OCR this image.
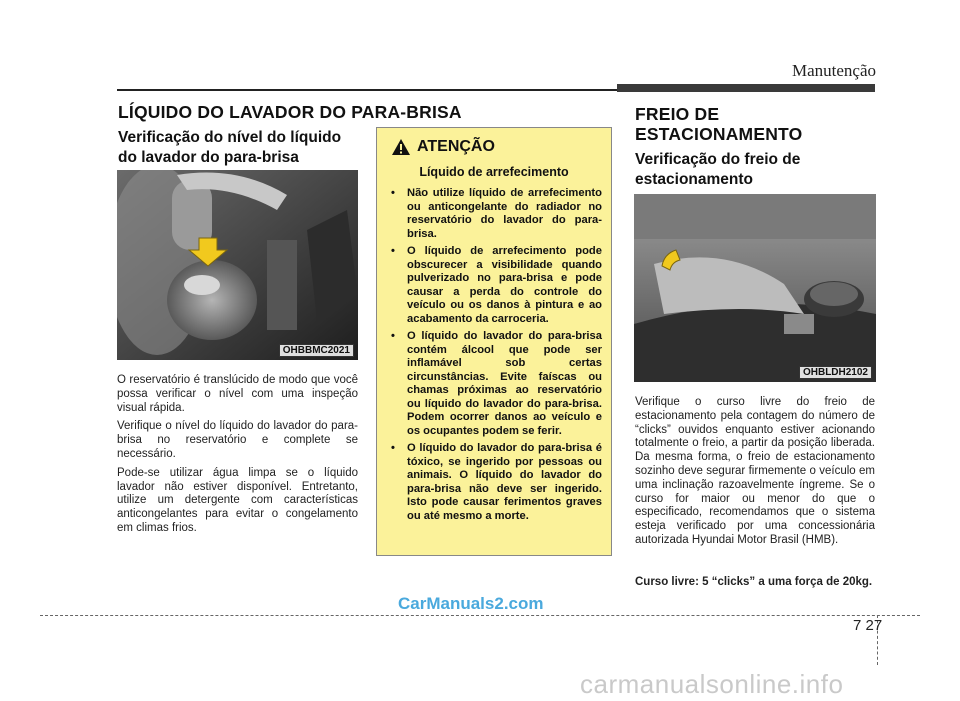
Manutenção
LÍQUIDO DO LAVADOR DO PARA-BRISA
Verificação do nível do líquido
do lavador do para-brisa
OHBBMC2021

O reservatório é translúcido de modo que você possa verificar o nível com uma inspeção visual rápida.

Verifique o nível do líquido do lavador do para-brisa no reservatório e complete se necessário.

Pode-se utilizar água limpa se o líquido lavador não estiver disponível. Entretanto, utilize um detergente com características anticongelantes para evitar o congelamento em climas frios.

ATENÇÃO
Líquido de arrefecimento
• Não utilize líquido de arrefecimento ou anticongelante do radiador no reservatório do lavador do para-brisa.
• O líquido de arrefecimento pode obscurecer a visibilidade quando pulverizado no para-brisa e pode causar a perda do controle do veículo ou os danos à pintura e ao acabamento da carroceria.
• O líquido do lavador do para-brisa contém álcool que pode ser inflamável sob certas circunstâncias. Evite faíscas ou chamas próximas ao reservatório ou líquido do lavador do para-brisa. Podem ocorrer danos ao veículo e os ocupantes podem se ferir.
• O líquido do lavador do para-brisa é tóxico, se ingerido por pessoas ou animais. O líquido do lavador do para-brisa não deve ser ingerido. Isto pode causar ferimentos graves ou até mesmo a morte.
FREIO DE
ESTACIONAMENTO
Verificação do freio de
estacionamento
OHBLDH2102
Verifique o curso livre do freio de estacionamento pela contagem do número de “clicks” ouvidos enquanto estiver acionando totalmente o freio, a partir da posição liberada. Da mesma forma, o freio de estacionamento sozinho deve segurar firmemente o veículo em uma inclinação razoavelmente íngreme. Se o curso for maior ou menor do que o especificado, recomendamos que o sistema esteja verificado por uma concessionária autorizada Hyundai Motor Brasil (HMB).
Curso livre: 5 “clicks” a uma força de 20kg.
7 27
CarManuals2.com
carmanualsonline.info
